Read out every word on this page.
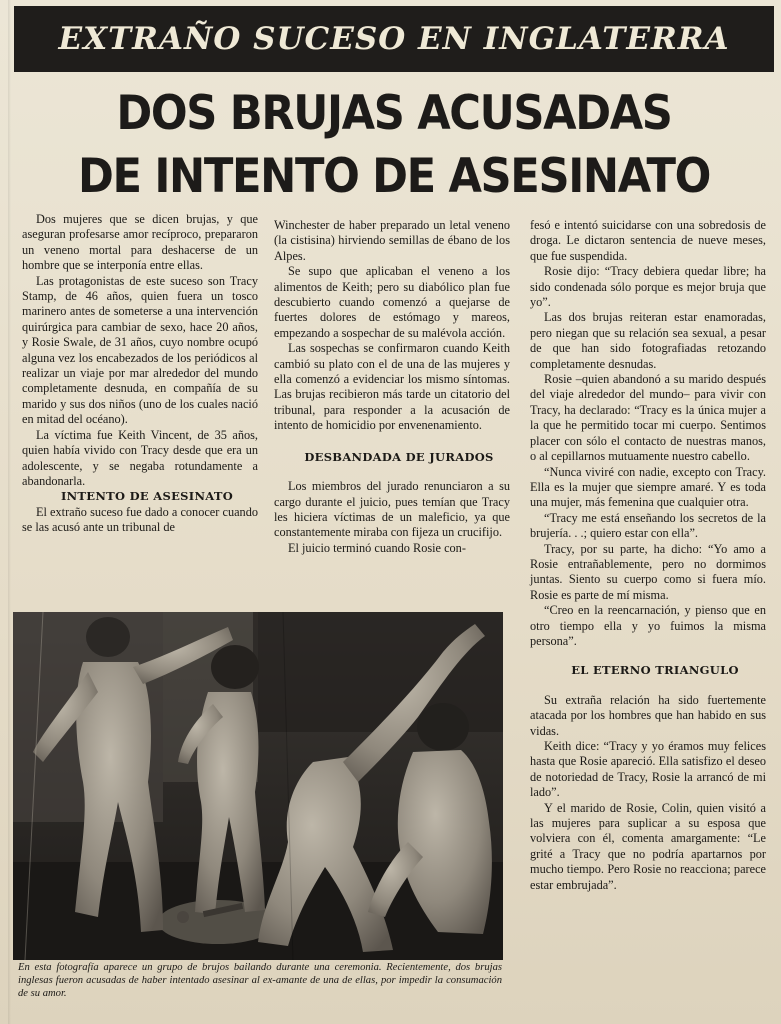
EXTRAÑO SUCESO EN INGLATERRA
DOS BRUJAS ACUSADAS
DE INTENTO DE ASESINATO

Dos mujeres que se dicen brujas, y que aseguran profesarse amor recíproco, prepararon un veneno mortal para deshacerse de un hombre que se interponía entre ellas.

Las protagonistas de este suceso son Tracy Stamp, de 46 años, quien fuera un tosco marinero antes de someterse a una intervención quirúrgica para cambiar de sexo, hace 20 años, y Rosie Swale, de 31 años, cuyo nombre ocupó alguna vez los encabezados de los periódicos al realizar un viaje por mar alrededor del mundo completamente desnuda, en compañía de su marido y sus dos niños (uno de los cuales nació en mitad del océano).

La víctima fue Keith Vincent, de 35 años, quien había vivido con Tracy desde que era un adolescente, y se negaba rotundamente a abandonarla.

INTENTO DE ASESINATO

El extraño suceso fue dado a conocer cuando se las acusó ante un tribunal de

Winchester de haber preparado un letal veneno (la cistisina) hirviendo semillas de ébano de los Alpes.

Se supo que aplicaban el veneno a los alimentos de Keith; pero su diabólico plan fue descubierto cuando comenzó a quejarse de fuertes dolores de estómago y mareos, empezando a sospechar de su malévola acción.

Las sospechas se confirmaron cuando Keith cambió su plato con el de una de las mujeres y ella comenzó a evidenciar los mismo síntomas. Las brujas recibieron más tarde un citatorio del tribunal, para responder a la acusación de intento de homicidio por envenenamiento.

DESBANDADA DE JURADOS

Los miembros del jurado renunciaron a su cargo durante el juicio, pues temían que Tracy les hiciera víctimas de un maleficio, ya que constantemente miraba con fijeza un crucifijo.

El juicio terminó cuando Rosie con-

fesó e intentó suicidarse con una sobredosis de droga. Le dictaron sentencia de nueve meses, que fue suspendida.

Rosie dijo: “Tracy debiera quedar libre; ha sido condenada sólo porque es mejor bruja que yo”.

Las dos brujas reiteran estar enamoradas, pero niegan que su relación sea sexual, a pesar de que han sido fotografiadas retozando completamente desnudas.

Rosie –quien abandonó a su marido después del viaje alrededor del mundo– para vivir con Tracy, ha declarado: “Tracy es la única mujer a la que he permitido tocar mi cuerpo. Sentimos placer con sólo el contacto de nuestras manos, o al cepillarnos mutuamente nuestro cabello.

“Nunca viviré con nadie, excepto con Tracy. Ella es la mujer que siempre amaré. Y es toda una mujer, más femenina que cualquier otra.

“Tracy me está enseñando los secretos de la brujería. . .; quiero estar con ella”.

Tracy, por su parte, ha dicho: “Yo amo a Rosie entrañablemente, pero no dormimos juntas. Siento su cuerpo como si fuera mío. Rosie es parte de mí misma.

“Creo en la reencarnación, y pienso que en otro tiempo ella y yo fuimos la misma persona”.

EL ETERNO TRIANGULO

Su extraña relación ha sido fuertemente atacada por los hombres que han habido en sus vidas.

Keith dice: “Tracy y yo éramos muy felices hasta que Rosie apareció. Ella satisfizo el deseo de notoriedad de Tracy, Rosie la arrancó de mi lado”.

Y el marido de Rosie, Colin, quien visitó a las mujeres para suplicar a su esposa que volviera con él, comenta amargamente: “Le grité a Tracy que no podría apartarnos por mucho tiempo. Pero Rosie no reacciona; parece estar embrujada”.

En esta fotografía aparece un grupo de brujos bailando durante una ceremonia. Recientemente, dos brujas inglesas fueron acusadas de haber intentado asesinar al ex-amante de una de ellas, por impedir la consumación de su amor.
